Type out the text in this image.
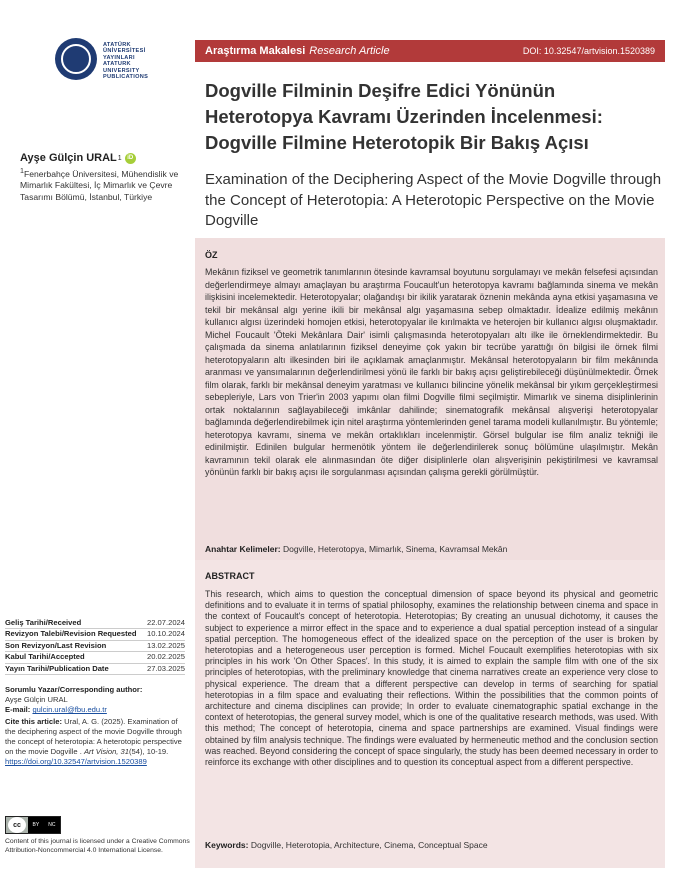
ATATÜRK
ÜNİVERSİTESİ
YAYINLARI
ATATURK
UNIVERSITY
PUBLICATIONS
Araştırma Makalesi Research Article	DOI: 10.32547/artvision.1520389
Dogville Filminin Deşifre Edici Yönünün Heterotopya Kavramı Üzerinden İncelenmesi: Dogville Filmine Heterotopik Bir Bakış Açısı
Examination of the Deciphering Aspect of the Movie Dogville through the Concept of Heterotopia: A Heterotopic Perspective on the Movie Dogville
Ayşe Gülçin URAL 1 iD
$^1$Fenerbahçe Üniversitesi, Mühendislik ve Mimarlık Fakültesi, İç Mimarlık ve Çevre Tasarımı Bölümü, İstanbul, Türkiye
Geliş Tarihi/Received	22.07.2024
Revizyon Talebi/Revision Requested 10.10.2024
Son Revizyon/Last Revision	13.02.2025
Kabul Tarihi/Accepted	20.02.2025
Yayın Tarihi/Publication Date	27.03.2025
Sorumlu Yazar/Corresponding author:
Ayşe Gülçin URAL
E-mail: gulcin.ural@fbu.edu.tr
Cite this article: Ural, A. G. (2025). Examination of the deciphering aspect of the movie Dogville through the concept of heterotopia: A heterotopic perspective on the movie Dogville . Art Vision, 31(54), 10-19.
https://doi.org/10.32547/artvision.1520389
cc	BY NC
Content of this journal is licensed under a Creative Commons Attribution-Noncommercial 4.0 International License.
ÖZ
Mekânın fiziksel ve geometrik tanımlarının ötesinde kavramsal boyutunu sorgulamayı ve mekân felsefesi açısından değerlendirmeye almayı amaçlayan bu araştırma Foucault'un heterotopya kavramı bağlamında sinema ve mekân ilişkisini incelemektedir. Heterotopyalar; olağandışı bir ikilik yaratarak öznenin mekânda ayna etkisi yaşamasına ve tekil bir mekânsal algı yerine ikili bir mekânsal algı yaşamasına sebep olmaktadır. İdealize edilmiş mekânın kullanıcı algısı üzerindeki homojen etkisi, heterotopyalar ile kırılmakta ve heterojen bir kullanıcı algısı oluşmaktadır. Michel Foucault 'Öteki Mekânlara Dair' isimli çalışmasında heterotopyaları altı ilke ile örneklendirmektedir. Bu çalışmada da sinema anlatılarının fiziksel deneyime çok yakın bir tecrübe yarattığı ön bilgisi ile örnek filmi heterotopyaların altı ilkesinden biri ile açıklamak amaçlanmıştır. Mekânsal heterotopyaların bir film mekânında aranması ve yansımalarının değerlendirilmesi yönü ile farklı bir bakış açısı geliştirebileceği düşünülmektedir. Örnek film olarak, farklı bir mekânsal deneyim yaratması ve kullanıcı bilincine yönelik mekânsal bir yıkım gerçekleştirmesi sebepleriyle, Lars von Trier'in 2003 yapımı olan filmi Dogville filmi seçilmiştir. Mimarlık ve sinema disiplinlerinin ortak noktalarının sağlayabileceği imkânlar dahilinde; sinematografik mekânsal alışverişi heterotopyalar bağlamında değerlendirebilmek için nitel araştırma yöntemlerinden genel tarama modeli kullanılmıştır. Bu yöntemle; heterotopya kavramı, sinema ve mekân ortaklıkları incelenmiştir. Görsel bulgular ise film analiz tekniği ile edinilmiştir. Edinilen bulgular hermenötik yöntem ile değerlendirilerek sonuç bölümüne ulaşılmıştır. Mekân kavramının tekil olarak ele alınmasından öte diğer disiplinlerle olan alışverişinin pekiştirilmesi ve kavramsal yönünün farklı bir bakış açısı ile sorgulanması açısından çalışma gerekli görülmüştür.
Anahtar Kelimeler: Dogville, Heterotopya, Mimarlık, Sinema, Kavramsal Mekân
ABSTRACT
This research, which aims to question the conceptual dimension of space beyond its physical and geometric definitions and to evaluate it in terms of spatial philosophy, examines the relationship between cinema and space in the context of Foucault's concept of heterotopia. Heterotopias; By creating an unusual dichotomy, it causes the subject to experience a mirror effect in the space and to experience a dual spatial perception instead of a singular spatial perception. The homogeneous effect of the idealized space on the perception of the user is broken by heterotopias and a heterogeneous user perception is formed. Michel Foucault exemplifies heterotopias with six principles in his work 'On Other Spaces'. In this study, it is aimed to explain the sample film with one of the six principles of heterotopias, with the preliminary knowledge that cinema narratives create an experience very close to physical experience. The dream that a different perspective can develop in terms of searching for spatial heterotopias in a film space and evaluating their reflections. Within the possibilities that the common points of architecture and cinema disciplines can provide; In order to evaluate cinematographic spatial exchange in the context of heterotopias, the general survey model, which is one of the qualitative research methods, was used. With this method; The concept of heterotopia, cinema and space partnerships are examined. Visual findings were obtained by film analysis technique. The findings were evaluated by hermeneutic method and the conclusion section was reached. Beyond considering the concept of space singularly, the study has been deemed necessary in order to reinforce its exchange with other disciplines and to question its conceptual aspect from a different perspective.
Keywords: Dogville, Heterotopia, Architecture, Cinema, Conceptual Space
